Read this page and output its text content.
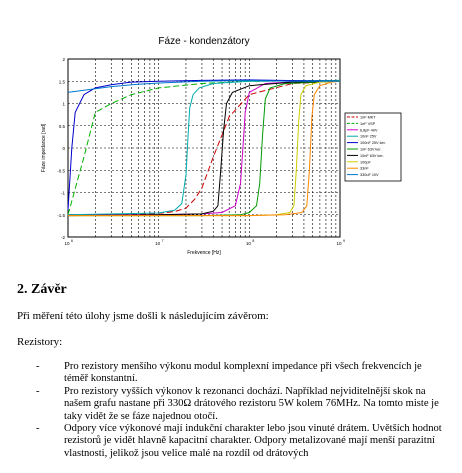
Fáze - kondenzátory
-2
-1.5
-1
-0.5
0
0.5
1
1.5
2
10 6	10 7	10 8	10 9
Frekvence [Hz]
Fáze impedance [rad]
1nF MKT
1nF VSP
6,8pF 40V
10nF 25V
100nF 25V ker.
1nF 63V ker.
10nF 63V ker.
100pF
33nF
330uF 10V
2. Závěr

Při měření této úlohy jsme došli k následujícím závěrom:

Rezistory:

- Pro rezistory menšího výkonu modul komplexní impedance při všech frekvencích je téměř konstantní.
- Pro rezistory vyšších výkonov k rezonanci dochází. Například nejviditelnější skok na našem grafu nastane při 330Ω drátového rezistoru 5W kolem 76MHz. Na tomto miste je taky vidět že se fáze najednou otočí.
- Odpory více výkonové mají indukční charakter lebo jsou vinuté drátem. Uvětších hodnot rezistorů je vidět hlavně kapacitní charakter. Odpory metalizované mají menší parazitní vlastnosti, jelikož jsou velice malé na rozdíl od drátových
